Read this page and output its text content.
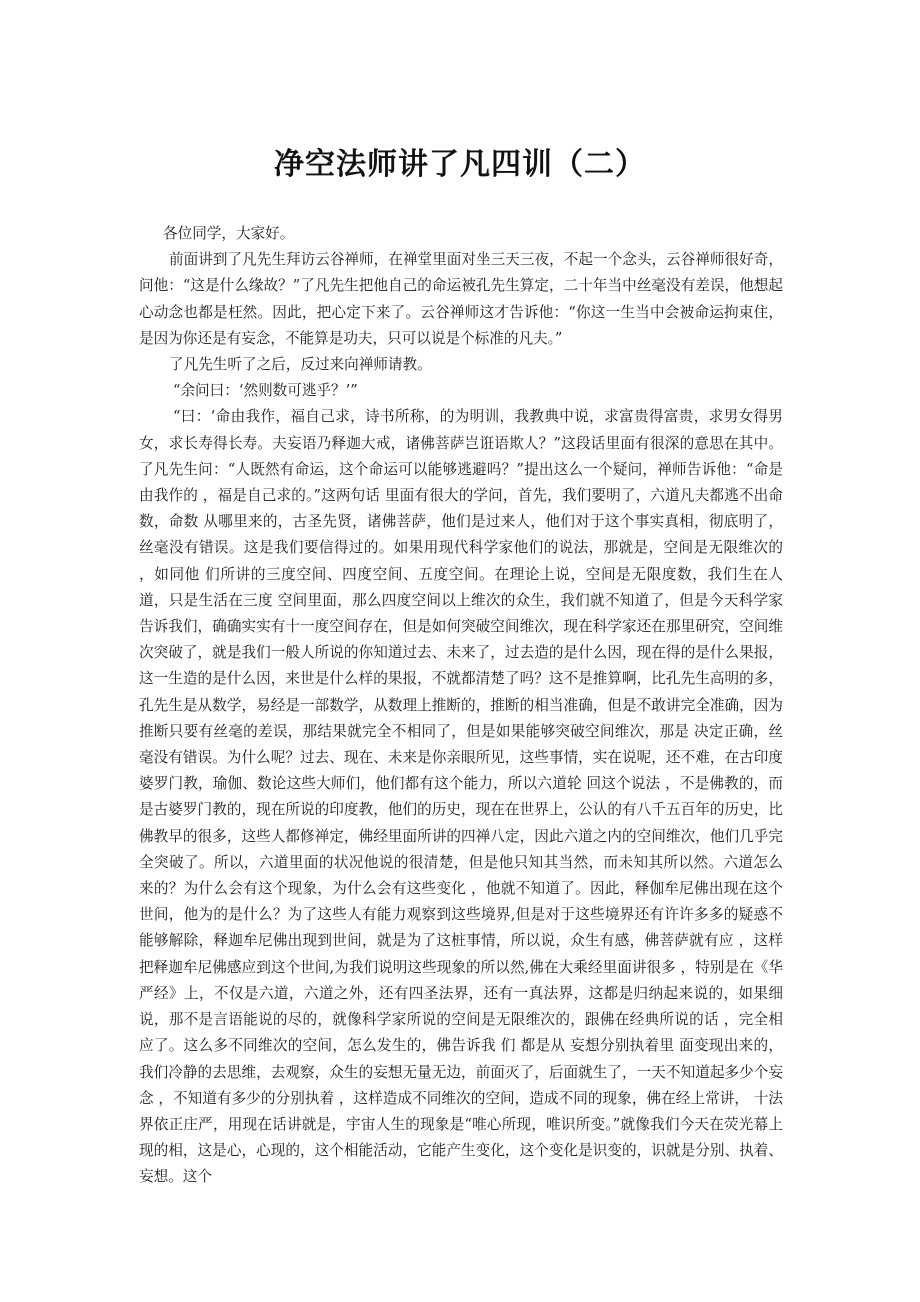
净空法师讲了凡四训（二）

各位同学，大家好。

前面讲到了凡先生拜访云谷禅师，在禅堂里面对坐三天三夜，不起一个念头，云谷禅师很好奇，问他：“这是什么缘故？”了凡先生把他自己的命运被孔先生算定，二十年当中丝毫没有差误，他想起心动念也都是枉然。因此，把心定下来了。云谷禅师这才告诉他：“你这一生当中会被命运拘束住，是因为你还是有妄念，不能算是功夫，只可以说是个标准的凡夫。”

了凡先生听了之后，反过来向禅师请教。

“余问曰：‘然则数可逃乎？’”

“曰：‘命由我作，福自己求，诗书所称，的为明训，我教典中说，求富贵得富贵，求男女得男女，求长寿得长寿。夫妄语乃释迦大戒，诸佛菩萨岂诳语欺人？”这段话里面有很深的意思在其中。了凡先生问：“人既然有命运，这个命运可以能够逃避吗？”提出这么一个疑问，禅师告诉他：“命是由我作的 ，福是自己求的。”这两句话 里面有很大的学问，首先，我们要明了，六道凡夫都逃不出命数，命数 从哪里来的，古圣先贤，诸佛菩萨，他们是过来人，他们对于这个事实真相，彻底明了，丝毫没有错误。这是我们要信得过的。如果用现代科学家他们的说法，那就是，空间是无限维次的 ，如同他 们所讲的三度空间、四度空间、五度空间。在理论上说，空间是无限度数，我们生在人道，只是生活在三度 空间里面，那么四度空间以上维次的众生，我们就不知道了，但是今天科学家告诉我们，确确实实有十一度空间存在，但是如何突破空间维次，现在科学家还在那里研究，空间维次突破了，就是我们一般人所说的你知道过去、未来了，过去造的是什么因，现在得的是什么果报，这一生造的是什么因，来世是什么样的果报，不就都清楚了吗？这不是推算啊，比孔先生高明的多，孔先生是从数学，易经是一部数学，从数理上推断的，推断的相当准确，但是不敢讲完全准确，因为推断只要有丝毫的差误，那结果就完全不相同了，但是如果能够突破空间维次，那是 决定正确，丝毫没有错误。为什么呢？过去、现在、未来是你亲眼所见，这些事情，实在说呢，还不难，在古印度婆罗门教，瑜伽、数论这些大师们，他们都有这个能力，所以六道轮 回这个说法 ，不是佛教的，而是古婆罗门教的，现在所说的印度教，他们的历史，现在在世界上，公认的有八千五百年的历史，比佛教早的很多，这些人都修禅定，佛经里面所讲的四禅八定，因此六道之内的空间维次，他们几乎完全突破了。所以，六道里面的状况他说的很清楚，但是他只知其当然，而未知其所以然。六道怎么 来的？为什么会有这个现象，为什么会有这些变化 ，他就不知道了。因此，释伽牟尼佛出现在这个世间，他为的是什么？为了这些人有能力观察到这些境界,但是对于这些境界还有许许多多的疑惑不能够解除，释迦牟尼佛出现到世间，就是为了这桩事情，所以说，众生有感，佛菩萨就有应 ，这样把释迦牟尼佛感应到这个世间,为我们说明这些现象的所以然,佛在大乘经里面讲很多 ，特别是在《华严经》上，不仅是六道，六道之外，还有四圣法界，还有一真法界，这都是归纳起来说的，如果细说，那不是言语能说的尽的，就像科学家所说的空间是无限维次的，跟佛在经典所说的话 ，完全相应了。这么多不同维次的空间，怎么发生的，佛告诉我 们 都是从 妄想分别执着里 面变现出来的，我们冷静的去思维，去观察，众生的妄想无量无边，前面灭了，后面就生了，一天不知道起多少个妄念 ，不知道有多少的分别执着 ，这样造成不同维次的空间，造成不同的现象，佛在经上常讲， 十法界依正庄严，用现在话讲就是，宇宙人生的现象是“唯心所现，唯识所变。”就像我们今天在荧光幕上现的相，这是心，心现的，这个相能活动，它能产生变化，这个变化是识变的，识就是分别、执着、妄想。这个
